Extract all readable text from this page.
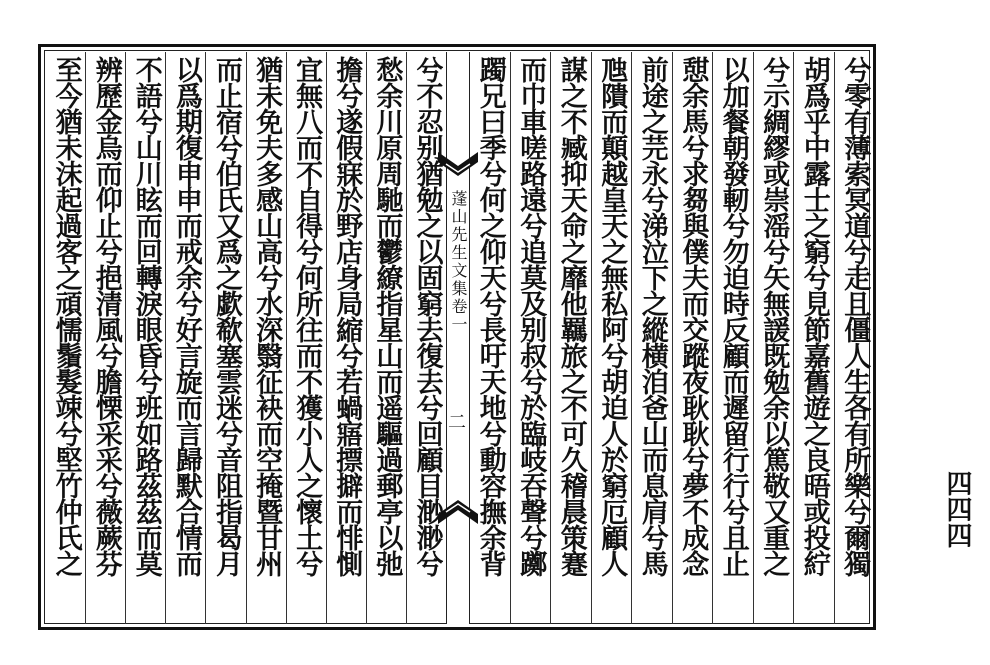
兮零有薄索冥道兮走且僵人生各有所樂兮爾獨
胡爲乎中露士之窮兮見節嘉舊遊之良晤或投紵
兮示綢繆或崇滛兮矢無諼既勉余以篤敬又重之
以加餐朝發軔兮勿迫時反顧而遲留行行兮且止
憇余馬兮求芻與僕夫而交蹤夜耿耿兮夢不成念
前途之芫永兮涕泣下之縱横洎爸山而息肩兮馬
虺隤而顛越皇天之無私阿兮胡迫人於窮厄顧人
謀之不臧抑天命之靡他羈旅之不可久稽晨策蹇
而巾車嗟路遠兮追莫及别叔兮於臨岐吞聲兮躑
躅兄曰季兮何之仰天兮長吁天地兮動容撫余背
蓬山先生文集卷一
二
兮不忍别猶勉之以固窮去復去兮回顧目渺渺兮
愁余川原周馳而鬱繚指星山而遥驅過郵亭以弛
擔兮遂假寐於野店身局縮兮若蝸寤摽擗而悱惻
宜無八而不自得兮何所往而不獲小人之懷土兮
猶未免夫多感山高兮水深翳征袂而空掩暨甘州
而止宿兮伯氏又爲之歔欷塞雲迷兮音阻指曷月
以爲期復申申而戒余兮好言旋而言歸默合情而
不語兮山川眩而回轉淚眼昏兮班如路茲茲而莫
辨歷金烏而仰止兮挹清風兮膽慄采采兮薇蕨芬
至今猶未沫起過客之頑懦鬚髮竦兮堅竹仲氏之	四四四
